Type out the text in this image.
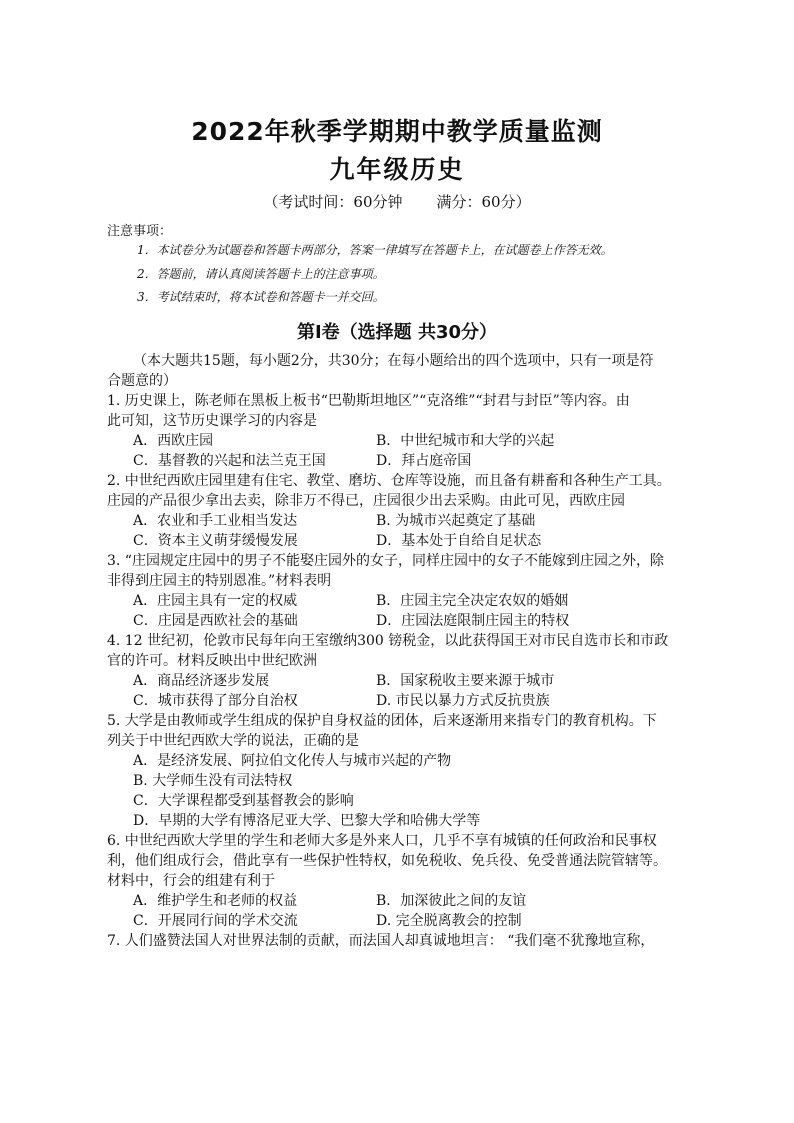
2022年秋季学期期中教学质量监测
九年级历史
（考试时间：60分钟 满分：60分）
注意事项：
1．本试卷分为试题卷和答题卡两部分，答案一律填写在答题卡上，在试题卷上作答无效。
2．答题前，请认真阅读答题卡上的注意事项。
3．考试结束时，将本试卷和答题卡一并交回。
第Ⅰ卷（选择题 共30分）
（本大题共15题，每小题2分，共30分；在每小题给出的四个选项中，只有一项是符
合题意的）
1. 历史课上，陈老师在黑板上板书“巴勒斯坦地区”“克洛维”“封君与封臣”等内容。由
此可知，这节历史课学习的内容是
A．西欧庄园	B．中世纪城市和大学的兴起
C．基督教的兴起和法兰克王国	D．拜占庭帝国
2. 中世纪西欧庄园里建有住宅、教堂、磨坊、仓库等设施，而且备有耕畜和各种生产工具。
庄园的产品很少拿出去卖，除非万不得已，庄园很少出去采购。由此可见，西欧庄园
A．农业和手工业相当发达	B. 为城市兴起奠定了基础
C．资本主义萌芽缓慢发展	D．基本处于自给自足状态
3. “庄园规定庄园中的男子不能娶庄园外的女子，同样庄园中的女子不能嫁到庄园之外，除
非得到庄园主的特别恩准。”材料表明
A．庄园主具有一定的权威	B．庄园主完全决定农奴的婚姻
C．庄园是西欧社会的基础	D．庄园法庭限制庄园主的特权
4. 12 世纪初，伦敦市民每年向王室缴纳300 镑税金，以此获得国王对市民自选市长和市政
官的许可。材料反映出中世纪欧洲
A．商品经济逐步发展	B．国家税收主要来源于城市
C．城市获得了部分自治权	D. 市民以暴力方式反抗贵族
5. 大学是由教师或学生组成的保护自身权益的团体，后来逐渐用来指专门的教育机构。下
列关于中世纪西欧大学的说法，正确的是
A．是经济发展、阿拉伯文化传人与城市兴起的产物
B. 大学师生没有司法特权
C．大学课程都受到基督教会的影响
D．早期的大学有博洛尼亚大学、巴黎大学和哈佛大学等
6. 中世纪西欧大学里的学生和老师大多是外来人口，几乎不享有城镇的任何政治和民事权
利，他们组成行会，借此享有一些保护性特权，如免税收、免兵役、免受普通法院管辖等。
材料中，行会的组建有利于
A．维护学生和老师的权益	B．加深彼此之间的友谊
C．开展同行间的学术交流	D. 完全脱离教会的控制
7. 人们盛赞法国人对世界法制的贡献，而法国人却真诚地坦言： “我们毫不犹豫地宣称，
